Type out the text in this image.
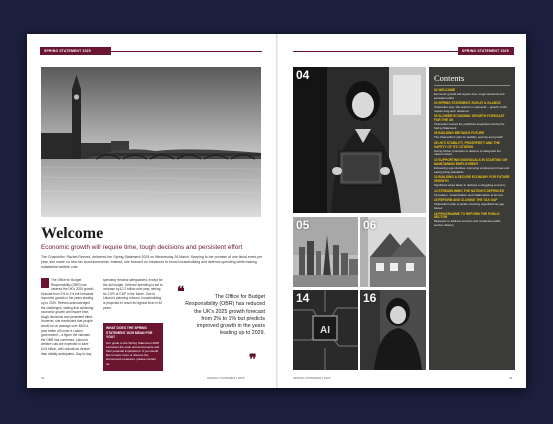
SPRING STATEMENT 2025	SPRING STATEMENT 2025
Welcome
Economic growth will require time, tough decisions and persistent effort
The Chancellor, Rachel Reeves, delivered her Spring Statement 2025 on Wednesday 26 March. Keeping to her promise of one fiscal event per year, she made no new tax announcements. Instead, she focused on measures to boost housebuilding and defence spending while making substantial welfare cuts.
The Office for Budget Responsibility (OBR) has lowered the UK's 2025 growth forecast from 2% to 1% but forecasts improved growth in the years leading up to 2029. Reeves acknowledged the challenges, stating that achieving economic growth will require time, tough decisions and persistent effort. However, she mentioned that people would be on average over £500 a year better off under a Labour government – a figure the claimant the OBR has confirmed. Labour's welfare cuts are expected to save £4.8 billion, with reductions deeper than initially anticipated. Day-to-day
spending remains safeguarded, except for the aid budget. Defence spending is set to increase by £2.2 billion next year, aiming for 2.5% of GDP in the future. Due to Labour's planning reforms, housebuilding is projected to reach its highest level in 40 years.
WHAT DOES THE SPRING STATEMENT 2025 MEAN FOR YOU?
Our guide to the Spring Statement 2025 examines the main announcements and their potential implications. If you would like to learn more or discuss the announced measures, please contact us.
❝	The Office for Budget Responsibility (OBR) has reduced the UK's 2025 growth forecast from 2% to 1% but predicts improved growth in the years leading up to 2029.
❞
02	SPRING STATEMENT 2025	SPRING STATEMENT 2025	03
04
05	06
AI
14	16
Contents
02 WELCOME
Economic growth will require time, tough decisions and persistent effort
04 SPRING STATEMENT 2025 AT A GLANCE
Chancellor says 'the world is in upheaval' – growth; it will require long-term decisions
05 SLOWER ECONOMIC GROWTH FORECAST FOR THE UK
Chancellor revised the published projections during the Spring Statement
06 BUILDING BRITAIN'S FUTURE
The Chancellor's plan for stability, security and growth
08 UK'S STABILITY, PROSPERITY AND THE SAFETY OF ITS CITIZENS
Giving further protection to defence to safeguard the nation's future
10 SUPPORTING INDIVIDUALS IN STARTING OR MAINTAINING EMPLOYMENT
Enhancing opportunities, improving employment times and easing living standards
12 BUILDING A SECURE ECONOMY FOR FUTURE GROWTH
Significant steps taken to address a struggling economy
14 STREAMLINING THE NATION'S DEFENCES
Innovation, modernisation and collaboration at its core
16 REFORM AND CLOSING THE TAX GAP
Chancellor's plan to tackle incoming unjustified tax gap issues
18 PROGRAMME TO REFORM THE PUBLIC SECTOR
Measures to address services and modernise public service delivery
